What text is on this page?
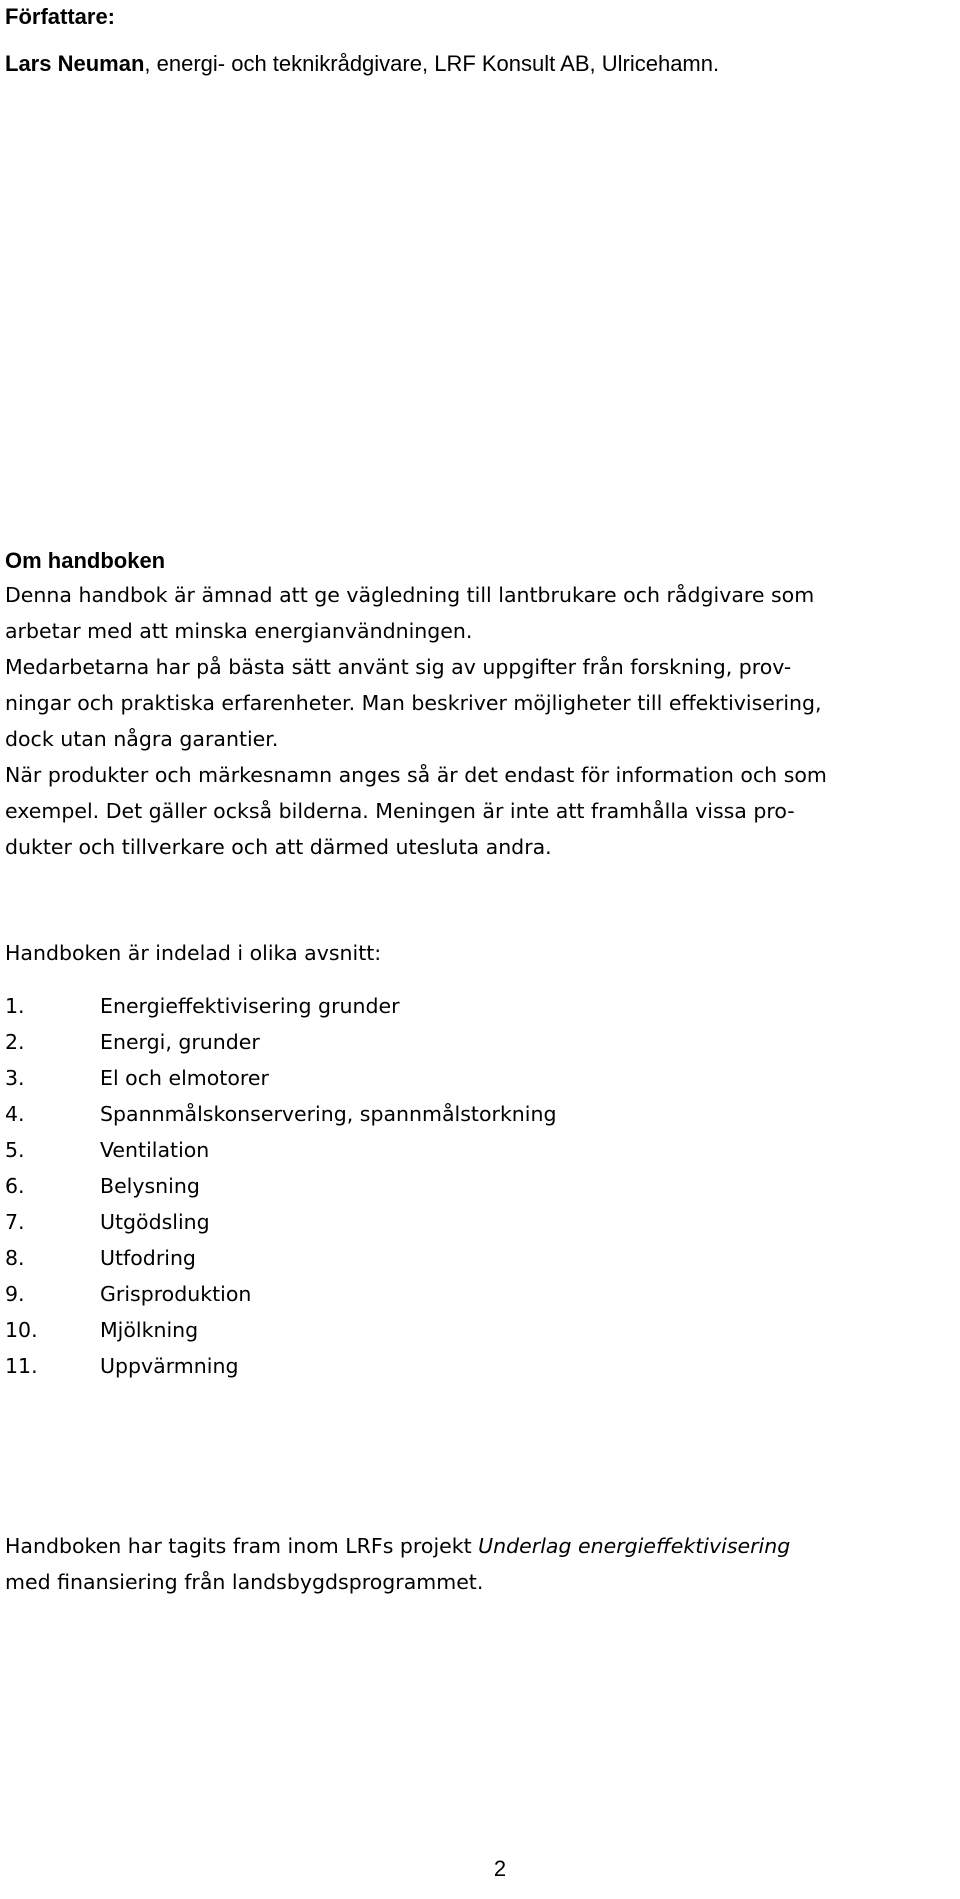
Författare:

Lars Neuman, energi- och teknikrådgivare, LRF Konsult AB, Ulricehamn.

Om handboken

Denna handbok är ämnad att ge vägledning till lantbrukare och rådgivare som
arbetar med att minska energianvändningen.
Medarbetarna har på bästa sätt använt sig av uppgifter från forskning, prov-
ningar och praktiska erfarenheter. Man beskriver möjligheter till effektivisering,
dock utan några garantier.
När produkter och märkesnamn anges så är det endast för information och som
exempel. Det gäller också bilderna. Meningen är inte att framhålla vissa pro-
dukter och tillverkare och att därmed utesluta andra.

Handboken är indelad i olika avsnitt:

1.	Energieffektivisering grunder
2.	Energi, grunder
3.	El och elmotorer
4.	Spannmålskonservering, spannmålstorkning
5.	Ventilation
6.	Belysning
7.	Utgödsling
8.	Utfodring
9.	Grisproduktion
10.	Mjölkning
11.	Uppvärmning

Handboken har tagits fram inom LRFs projekt Underlag energieffektivisering
med finansiering från landsbygdsprogrammet.

2
